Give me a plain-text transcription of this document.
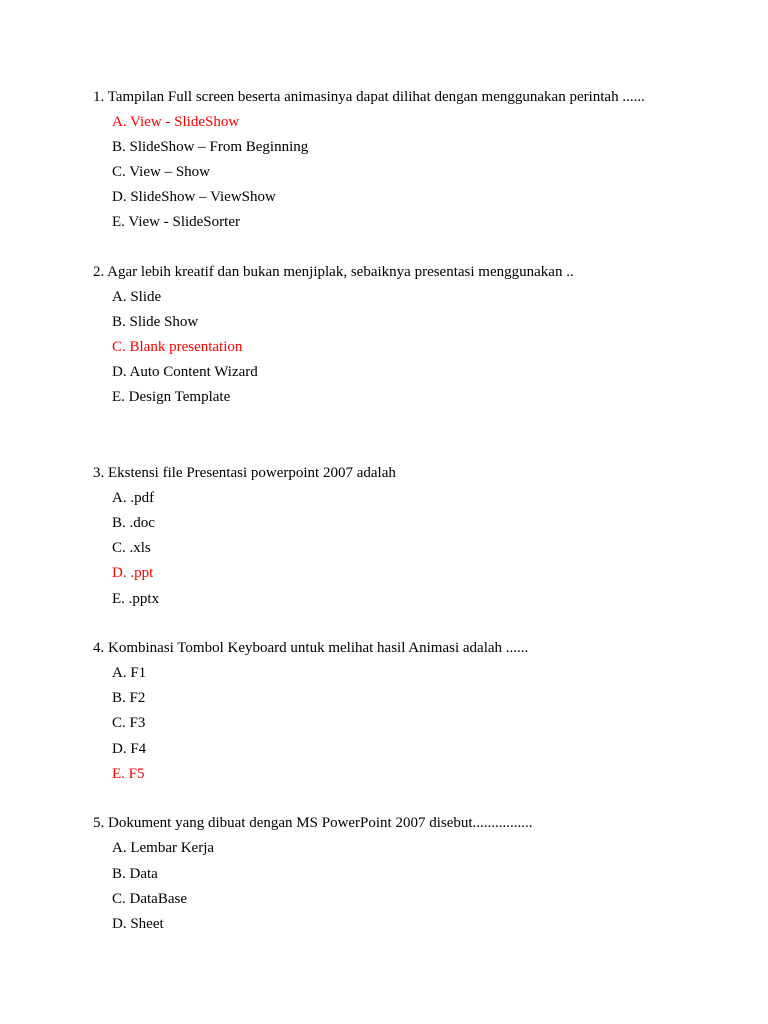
1. Tampilan Full screen beserta animasinya dapat dilihat dengan menggunakan perintah ......
A. View - SlideShow
B. SlideShow – From Beginning
C. View – Show
D. SlideShow – ViewShow
E. View - SlideSorter
2. Agar lebih kreatif dan bukan menjiplak, sebaiknya presentasi menggunakan ..
A. Slide
B. Slide Show
C. Blank presentation
D. Auto Content Wizard
E. Design Template
3. Ekstensi file Presentasi powerpoint 2007 adalah
A. .pdf
B. .doc
C. .xls
D. .ppt
E. .pptx
4. Kombinasi Tombol Keyboard untuk melihat hasil Animasi adalah ......
A. F1
B. F2
C. F3
D. F4
E. F5
5. Dokument yang dibuat dengan MS PowerPoint 2007 disebut................
A. Lembar Kerja
B. Data
C. DataBase
D. Sheet
